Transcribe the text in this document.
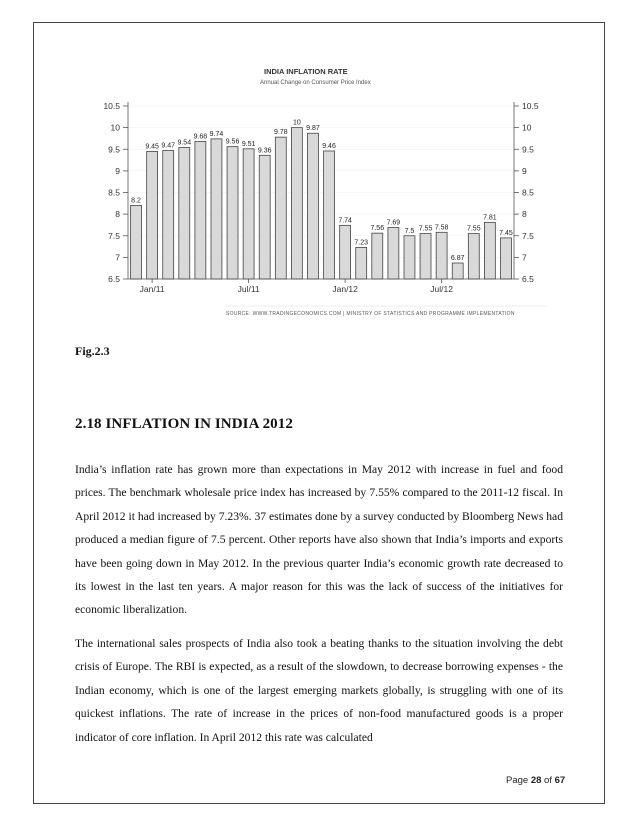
8.2
9.45 9.47 9.54
9.68 9.74
9.56 9.51
9.36
9.78
10
9.87
9.46
7.74
7.23
7.56
7.69
7.5 7.55 7.58
6.87
7.55
7.81
7.45
6.5	6.5
7	7
7.5	7.5
8	8
8.5	8.5
9	9
9.5	9.5
10	10
10.5	10.5
Jan/11	Jul/11	Jan/12	Jul/12
INDIA INFLATION RATE
Annual Change on Consumer Price Index
SOURCE: WWW.TRADINGECONOMICS.COM | MINISTRY OF STATISTICS AND PROGRAMME IMPLEMENTATION
Fig.2.3
2.18 INFLATION IN INDIA 2012

India’s inflation rate has grown more than expectations in May 2012 with increase in fuel and food prices. The benchmark wholesale price index has increased by 7.55% compared to the 2011-12 fiscal. In April 2012 it had increased by 7.23%. 37 estimates done by a survey conducted by Bloomberg News had produced a median figure of 7.5 percent. Other reports have also shown that India’s imports and exports have been going down in May 2012. In the previous quarter India’s economic growth rate decreased to its lowest in the last ten years. A major reason for this was the lack of success of the initiatives for economic liberalization.

The international sales prospects of India also took a beating thanks to the situation involving the debt crisis of Europe. The RBI is expected, as a result of the slowdown, to decrease borrowing expenses - the Indian economy, which is one of the largest emerging markets globally, is struggling with one of its quickest inflations. The rate of increase in the prices of non-food manufactured goods is a proper indicator of core inflation. In April 2012 this rate was calculated

Page 28 of 67
